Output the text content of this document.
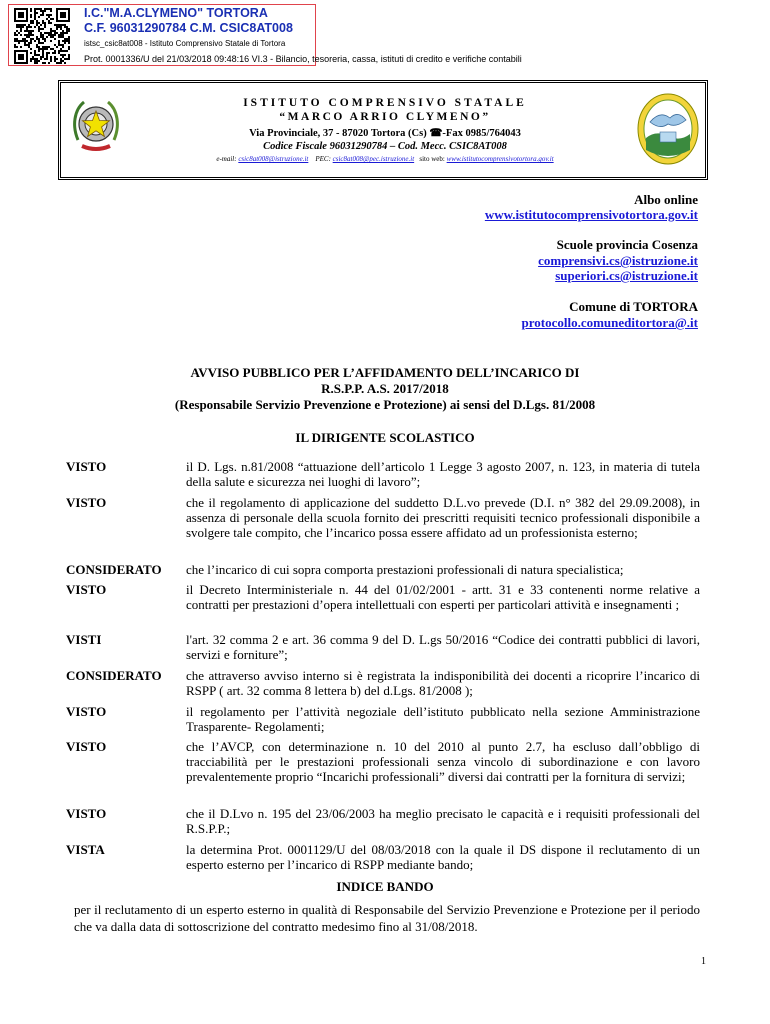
I.C."M.A.CLYMENO" TORTORA
C.F. 96031290784 C.M. CSIC8AT008
istsc_csic8at008 - Istituto Comprensivo Statale di Tortora
Prot. 0001336/U del 21/03/2018 09:48:16 VI.3 - Bilancio, tesoreria, cassa, istituti di credito e verifiche contabili
ISTITUTO COMPRENSIVO STATALE
“MARCO ARRIO CLYMENO”
Via Provinciale, 37 - 87020 Tortora (Cs) ☎-Fax 0985/764043
Codice Fiscale 96031290784 – Cod. Mecc. CSIC8AT008
e-mail: csic8at008@istruzione.it PEC: csic8at008@pec.istruzione.it sito web: www.istitutocomprensivotortora.gov.it
Albo online
www.istitutocomprensivotortora.gov.it
Scuole provincia Cosenza
comprensivi.cs@istruzione.it
superiori.cs@istruzione.it
Comune di TORTORA
protocollo.comuneditortora@.it
AVVISO PUBBLICO PER L’AFFIDAMENTO DELL’INCARICO DI
R.S.P.P. A.S. 2017/2018
(Responsabile Servizio Prevenzione e Protezione) ai sensi del D.Lgs. 81/2008
IL DIRIGENTE SCOLASTICO
VISTO	il D. Lgs. n.81/2008 “attuazione dell’articolo 1 Legge 3 agosto 2007, n. 123, in materia di tutela della salute e sicurezza nei luoghi di lavoro”;
VISTO	che il regolamento di applicazione del suddetto D.L.vo prevede (D.I. n° 382 del 29.09.2008), in assenza di personale della scuola fornito dei prescritti requisiti tecnico professionali disponibile a svolgere tale compito, che l’incarico possa essere affidato ad un professionista esterno;
CONSIDERATO che l’incarico di cui sopra comporta prestazioni professionali di natura specialistica;
VISTO	il Decreto Interministeriale n. 44 del 01/02/2001 - artt. 31 e 33 contenenti norme relative a contratti per prestazioni d’opera intellettuali con esperti per particolari attività e insegnamenti ;
VISTI	l'art. 32 comma 2 e art. 36 comma 9 del D. L.gs 50/2016 “Codice dei contratti pubblici di lavori, servizi e forniture”;
CONSIDERATO che attraverso avviso interno si è registrata la indisponibilità dei docenti a ricoprire l’incarico di RSPP ( art. 32 comma 8 lettera b) del d.Lgs. 81/2008 );
VISTO	il regolamento per l’attività negoziale dell’istituto pubblicato nella sezione Amministrazione Trasparente- Regolamenti;
VISTO	che l’AVCP, con determinazione n. 10 del 2010 al punto 2.7, ha escluso dall’obbligo di tracciabilità per le prestazioni professionali senza vincolo di subordinazione e con lavoro prevalentemente proprio “Incarichi professionali” diversi dai contratti per la fornitura di servizi;
VISTO	che il D.Lvo n. 195 del 23/06/2003 ha meglio precisato le capacità e i requisiti professionali del R.S.P.P.;
VISTA	la determina Prot. 0001129/U del 08/03/2018 con la quale il DS dispone il reclutamento di un esperto esterno per l’incarico di RSPP mediante bando;
INDICE BANDO
per il reclutamento di un esperto esterno in qualità di Responsabile del Servizio Prevenzione e Protezione per il periodo che va dalla data di sottoscrizione del contratto medesimo fino al 31/08/2018.
1
